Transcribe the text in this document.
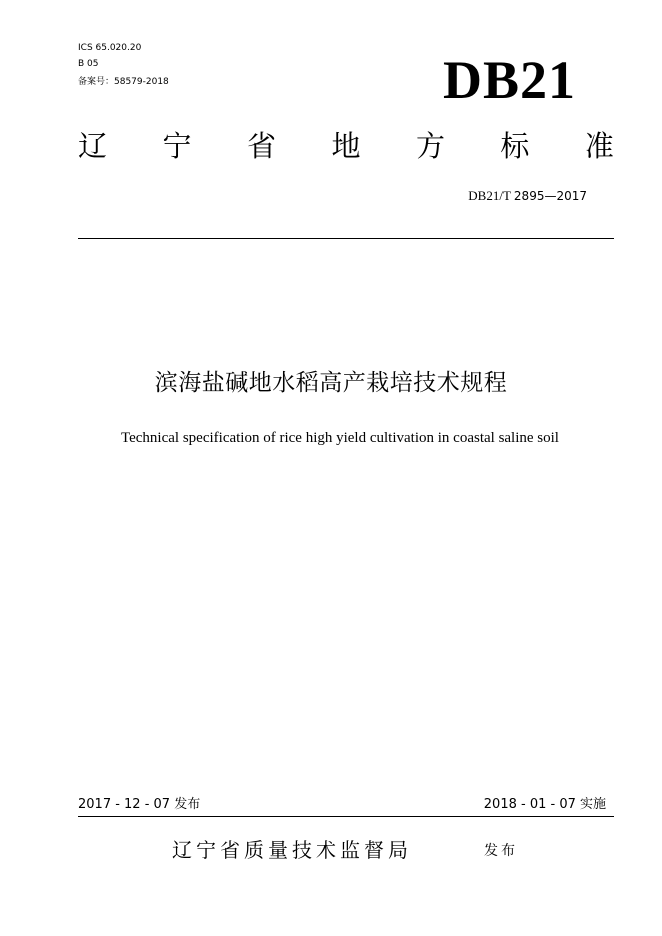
ICS 65.020.20
B 05
备案号：58579-2018	DB21
辽 宁 省 地 方 标 准
DB21/T 2895—2017
滨海盐碱地水稻高产栽培技术规程
Technical specification of rice high yield cultivation in coastal saline soil
2017 - 12 - 07 发布	2018 - 01 - 07 实施
辽宁省质量技术监督局	发布
